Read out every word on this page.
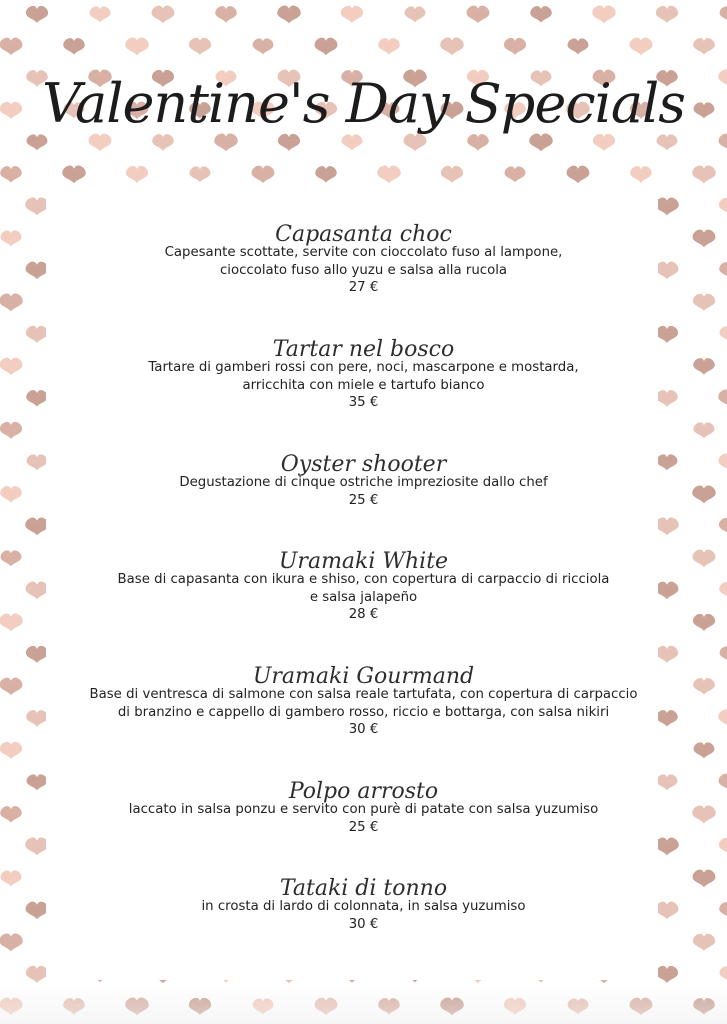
Valentine's Day Specials
Capasanta choc
Capesante scottate, servite con cioccolato fuso al lampone,
cioccolato fuso allo yuzu e salsa alla rucola
27 €
Tartar nel bosco
Tartare di gamberi rossi con pere, noci, mascarpone e mostarda,
arricchita con miele e tartufo bianco
35 €
Oyster shooter
Degustazione di cinque ostriche impreziosite dallo chef
25 €
Uramaki White
Base di capasanta con ikura e shiso, con copertura di carpaccio di ricciola
e salsa jalapeño
28 €
Uramaki Gourmand
Base di ventresca di salmone con salsa reale tartufata, con copertura di carpaccio
di branzino e cappello di gambero rosso, riccio e bottarga, con salsa nikiri
30 €
Polpo arrosto
laccato in salsa ponzu e servito con purè di patate con salsa yuzumiso
25 €
Tataki di tonno
in crosta di lardo di colonnata, in salsa yuzumiso
30 €
